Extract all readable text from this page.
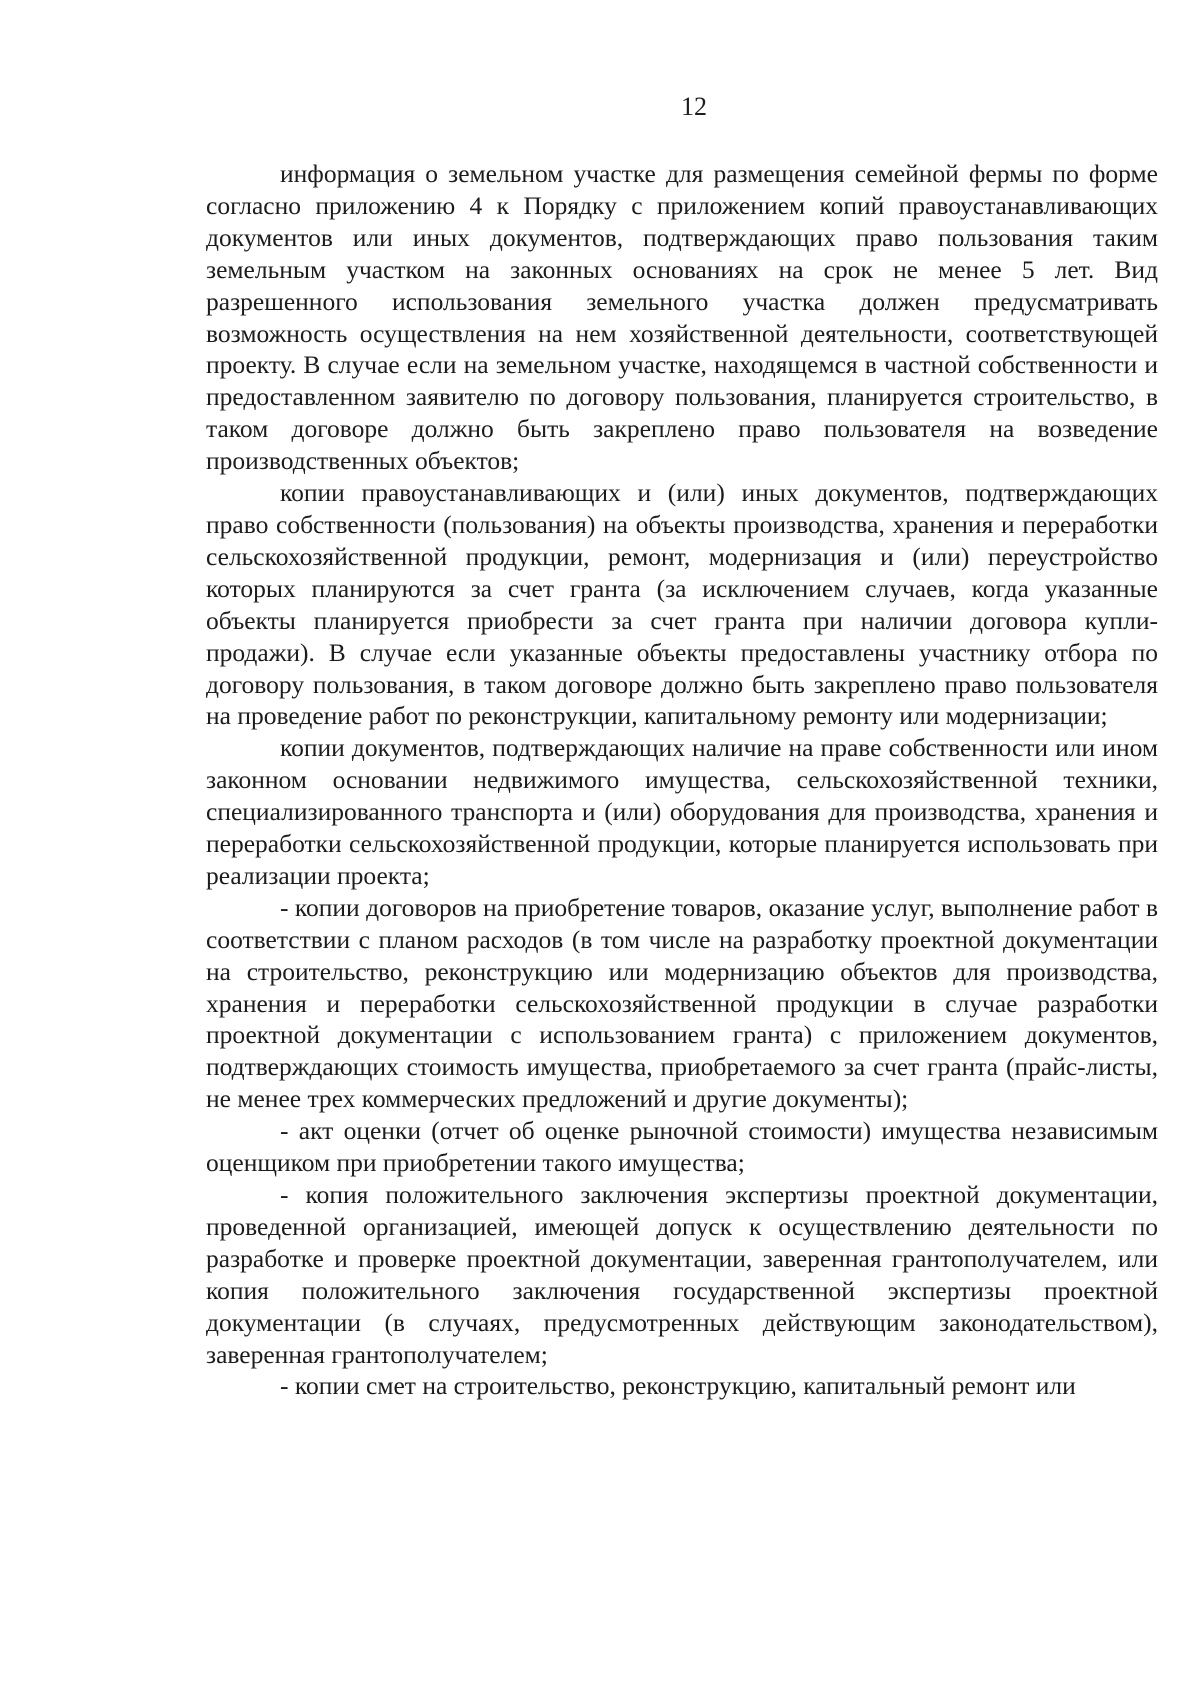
12

информация о земельном участке для размещения семейной фермы по форме согласно приложению 4 к Порядку с приложением копий правоустанавливающих документов или иных документов, подтверждающих право пользования таким земельным участком на законных основаниях на срок не менее 5 лет. Вид разрешенного использования земельного участка должен предусматривать возможность осуществления на нем хозяйственной деятельности, соответствующей проекту. В случае если на земельном участке, находящемся в частной собственности и предоставленном заявителю по договору пользования, планируется строительство, в таком договоре должно быть закреплено право пользователя на возведение производственных объектов;

копии правоустанавливающих и (или) иных документов, подтверждающих право собственности (пользования) на объекты производства, хранения и переработки сельскохозяйственной продукции, ремонт, модернизация и (или) переустройство которых планируются за счет гранта (за исключением случаев, когда указанные объекты планируется приобрести за счет гранта при наличии договора купли-продажи). В случае если указанные объекты предоставлены участнику отбора по договору пользования, в таком договоре должно быть закреплено право пользователя на проведение работ по реконструкции, капитальному ремонту или модернизации;

копии документов, подтверждающих наличие на праве собственности или ином законном основании недвижимого имущества, сельскохозяйственной техники, специализированного транспорта и (или) оборудования для производства, хранения и переработки сельскохозяйственной продукции, которые планируется использовать при реализации проекта;

- копии договоров на приобретение товаров, оказание услуг, выполнение работ в соответствии с планом расходов (в том числе на разработку проектной документации на строительство, реконструкцию или модернизацию объектов для производства, хранения и переработки сельскохозяйственной продукции в случае разработки проектной документации с использованием гранта) с приложением документов, подтверждающих стоимость имущества, приобретаемого за счет гранта (прайс-листы, не менее трех коммерческих предложений и другие документы);

- акт оценки (отчет об оценке рыночной стоимости) имущества независимым оценщиком при приобретении такого имущества;

- копия положительного заключения экспертизы проектной документации, проведенной организацией, имеющей допуск к осуществлению деятельности по разработке и проверке проектной документации, заверенная грантополучателем, или копия положительного заключения государственной экспертизы проектной документации (в случаях, предусмотренных действующим законодательством), заверенная грантополучателем;

- копии смет на строительство, реконструкцию, капитальный ремонт или
